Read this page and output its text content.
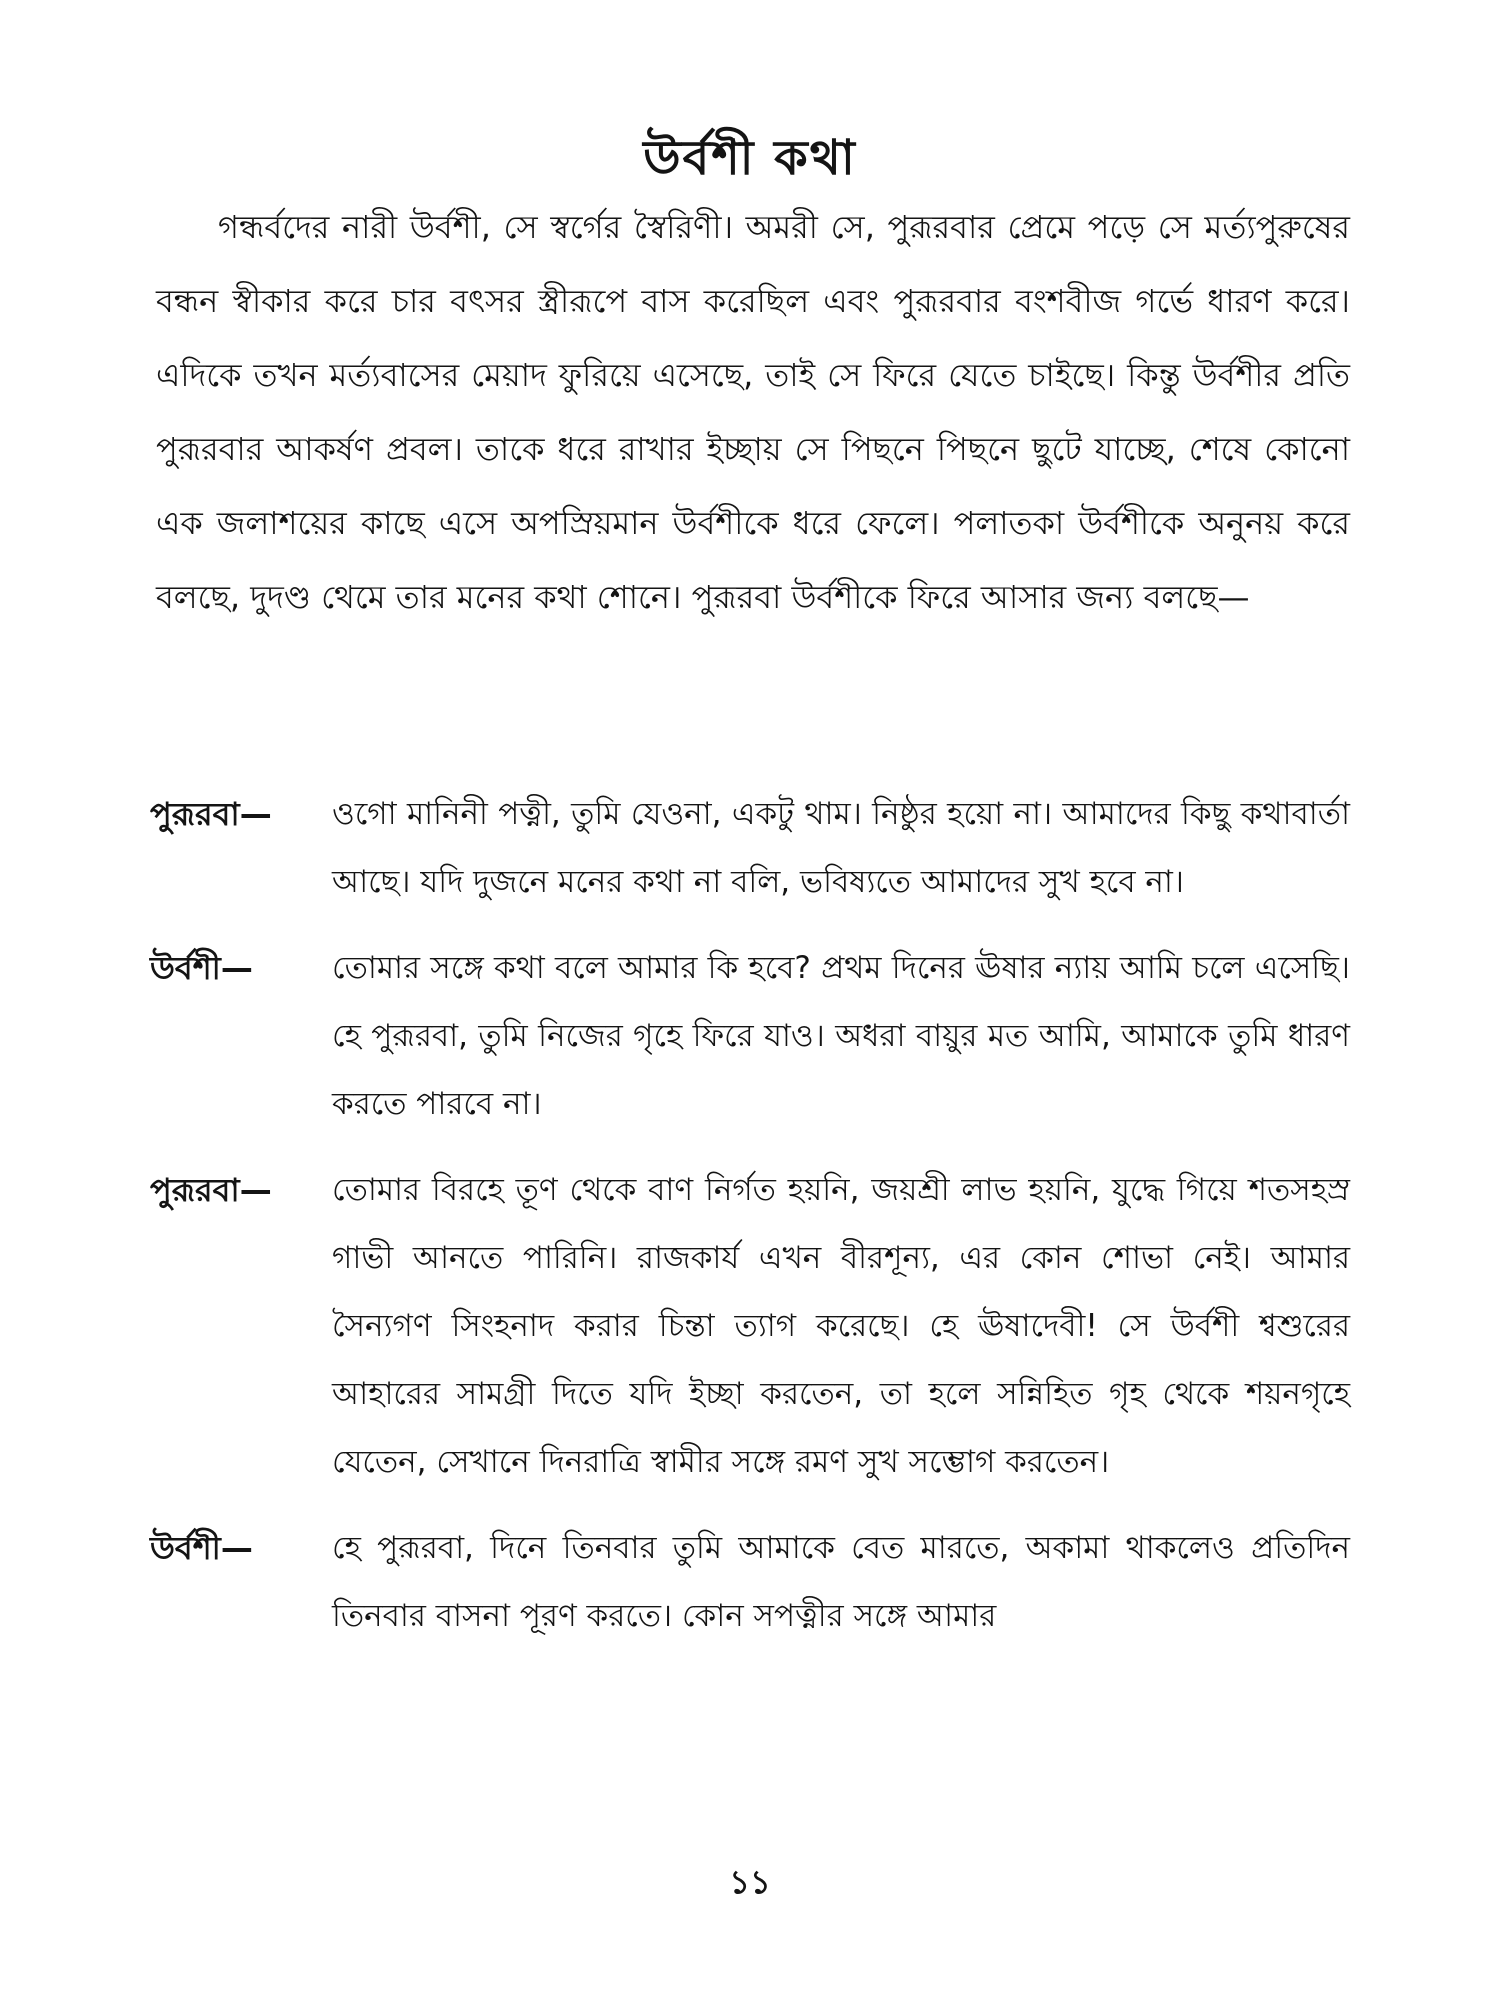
উর্বশী কথা

গন্ধর্বদের নারী উর্বশী, সে স্বর্গের স্বৈরিণী। অমরী সে, পুরূরবার প্রেমে পড়ে সে মর্ত্যপুরুষের বন্ধন স্বীকার করে চার বৎসর স্ত্রীরূপে বাস করেছিল এবং পুরূরবার বংশবীজ গর্ভে ধারণ করে। এদিকে তখন মর্ত্যবাসের মেয়াদ ফুরিয়ে এসেছে, তাই সে ফিরে যেতে চাইছে। কিন্তু উর্বশীর প্রতি পুরূরবার আকর্ষণ প্রবল। তাকে ধরে রাখার ইচ্ছায় সে পিছনে পিছনে ছুটে যাচ্ছে, শেষে কোনো এক জলাশয়ের কাছে এসে অপস্রিয়মান উর্বশীকে ধরে ফেলে। পলাতকা উর্বশীকে অনুনয় করে বলছে, দুদণ্ড থেমে তার মনের কথা শোনে। পুরূরবা উর্বশীকে ফিরে আসার জন্য বলছে—

পুরূরবা—	ওগো মানিনী পত্নী, তুমি যেওনা, একটু থাম। নিষ্ঠুর হয়ো না। আমাদের কিছু কথাবার্তা আছে। যদি দুজনে মনের কথা না বলি, ভবিষ্যতে আমাদের সুখ হবে না।

উর্বশী—	তোমার সঙ্গে কথা বলে আমার কি হবে? প্রথম দিনের ঊষার ন্যায় আমি চলে এসেছি। হে পুরূরবা, তুমি নিজের গৃহে ফিরে যাও। অধরা বায়ুর মত আমি, আমাকে তুমি ধারণ করতে পারবে না।

পুরূরবা—	তোমার বিরহে তূণ থেকে বাণ নির্গত হয়নি, জয়শ্রী লাভ হয়নি, যুদ্ধে গিয়ে শতসহস্র গাভী আনতে পারিনি। রাজকার্য এখন বীরশূন্য, এর কোন শোভা নেই। আমার সৈন্যগণ সিংহনাদ করার চিন্তা ত্যাগ করেছে। হে ঊষাদেবী! সে উর্বশী শ্বশুরের আহারের সামগ্রী দিতে যদি ইচ্ছা করতেন, তা হলে সন্নিহিত গৃহ থেকে শয়নগৃহে যেতেন, সেখানে দিনরাত্রি স্বামীর সঙ্গে রমণ সুখ সম্ভোগ করতেন।

উর্বশী—	হে পুরূরবা, দিনে তিনবার তুমি আমাকে বেত মারতে, অকামা থাকলেও প্রতিদিন তিনবার বাসনা পূরণ করতে। কোন সপত্নীর সঙ্গে আমার

১১
